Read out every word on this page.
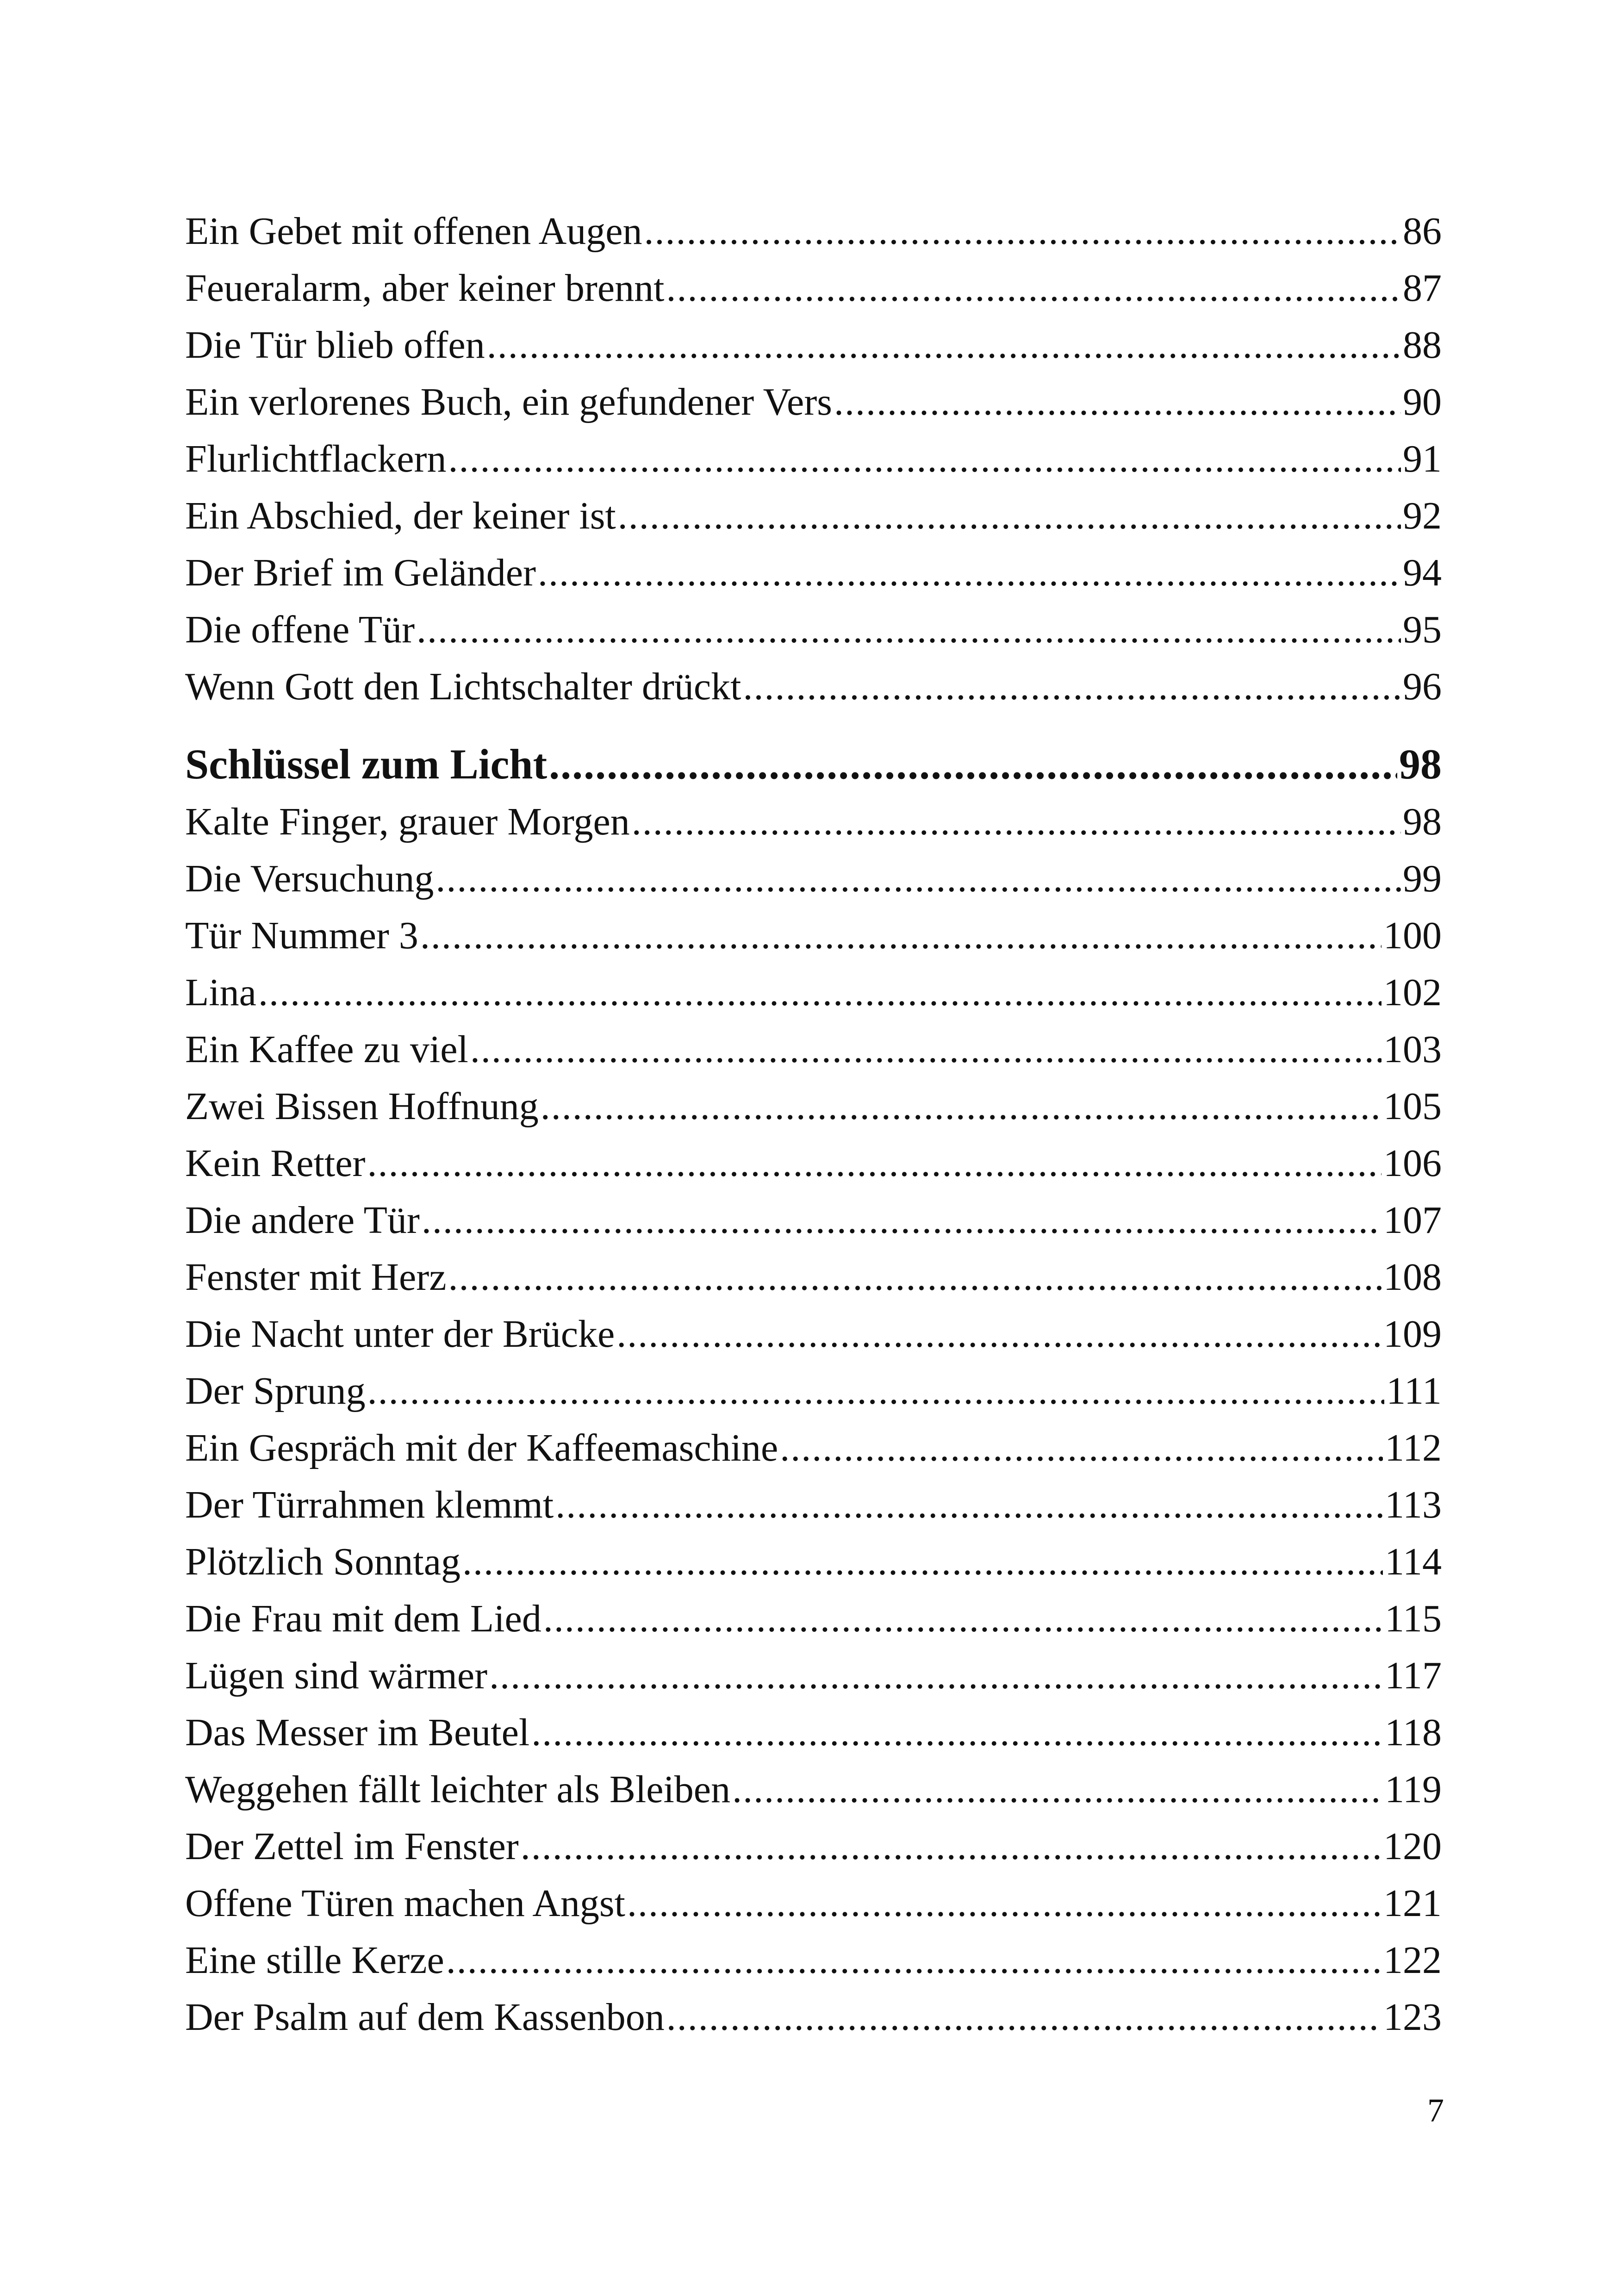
Ein Gebet mit offenen Augen .....	86
Feueralarm, aber keiner brennt .....	87
Die Tür blieb offen .....	88
Ein verlorenes Buch, ein gefundener Vers .....	90
Flurlichtflackern .....	91
Ein Abschied, der keiner ist .....	92
Der Brief im Geländer .....	94
Die offene Tür .....	95
Wenn Gott den Lichtschalter drückt .....	96
Schlüssel zum Licht .....	98
Kalte Finger, grauer Morgen .....	98
Die Versuchung .....	99
Tür Nummer 3 .....	100
Lina .....	102
Ein Kaffee zu viel .....	103
Zwei Bissen Hoffnung .....	105
Kein Retter .....	106
Die andere Tür .....	107
Fenster mit Herz .....	108
Die Nacht unter der Brücke .....	109
Der Sprung .....	111
Ein Gespräch mit der Kaffeemaschine .....	112
Der Türrahmen klemmt .....	113
Plötzlich Sonntag .....	114
Die Frau mit dem Lied .....	115
Lügen sind wärmer .....	117
Das Messer im Beutel .....	118
Weggehen fällt leichter als Bleiben .....	119
Der Zettel im Fenster .....	120
Offene Türen machen Angst .....	121
Eine stille Kerze .....	122
Der Psalm auf dem Kassenbon .....	123
7
